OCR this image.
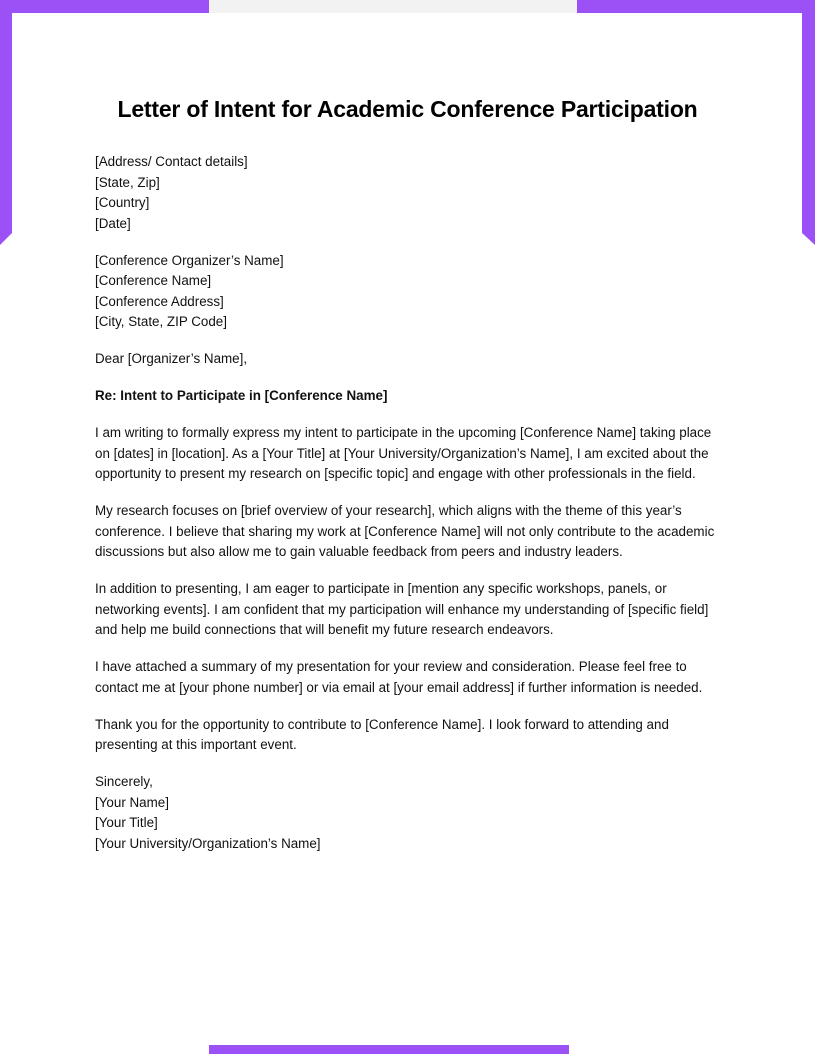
Letter of Intent for Academic Conference Participation
[Address/ Contact details]
[State, Zip]
[Country]
[Date]
[Conference Organizer’s Name]
[Conference Name]
[Conference Address]
[City, State, ZIP Code]

Dear [Organizer’s Name],

Re: Intent to Participate in [Conference Name]

I am writing to formally express my intent to participate in the upcoming [Conference Name] taking place on [dates] in [location]. As a [Your Title] at [Your University/Organization’s Name], I am excited about the opportunity to present my research on [specific topic] and engage with other professionals in the field.

My research focuses on [brief overview of your research], which aligns with the theme of this year’s conference. I believe that sharing my work at [Conference Name] will not only contribute to the academic discussions but also allow me to gain valuable feedback from peers and industry leaders.

In addition to presenting, I am eager to participate in [mention any specific workshops, panels, or networking events]. I am confident that my participation will enhance my understanding of [specific field] and help me build connections that will benefit my future research endeavors.

I have attached a summary of my presentation for your review and consideration. Please feel free to contact me at [your phone number] or via email at [your email address] if further information is needed.

Thank you for the opportunity to contribute to [Conference Name]. I look forward to attending and presenting at this important event.

Sincerely,
[Your Name]
[Your Title]
[Your University/Organization’s Name]
